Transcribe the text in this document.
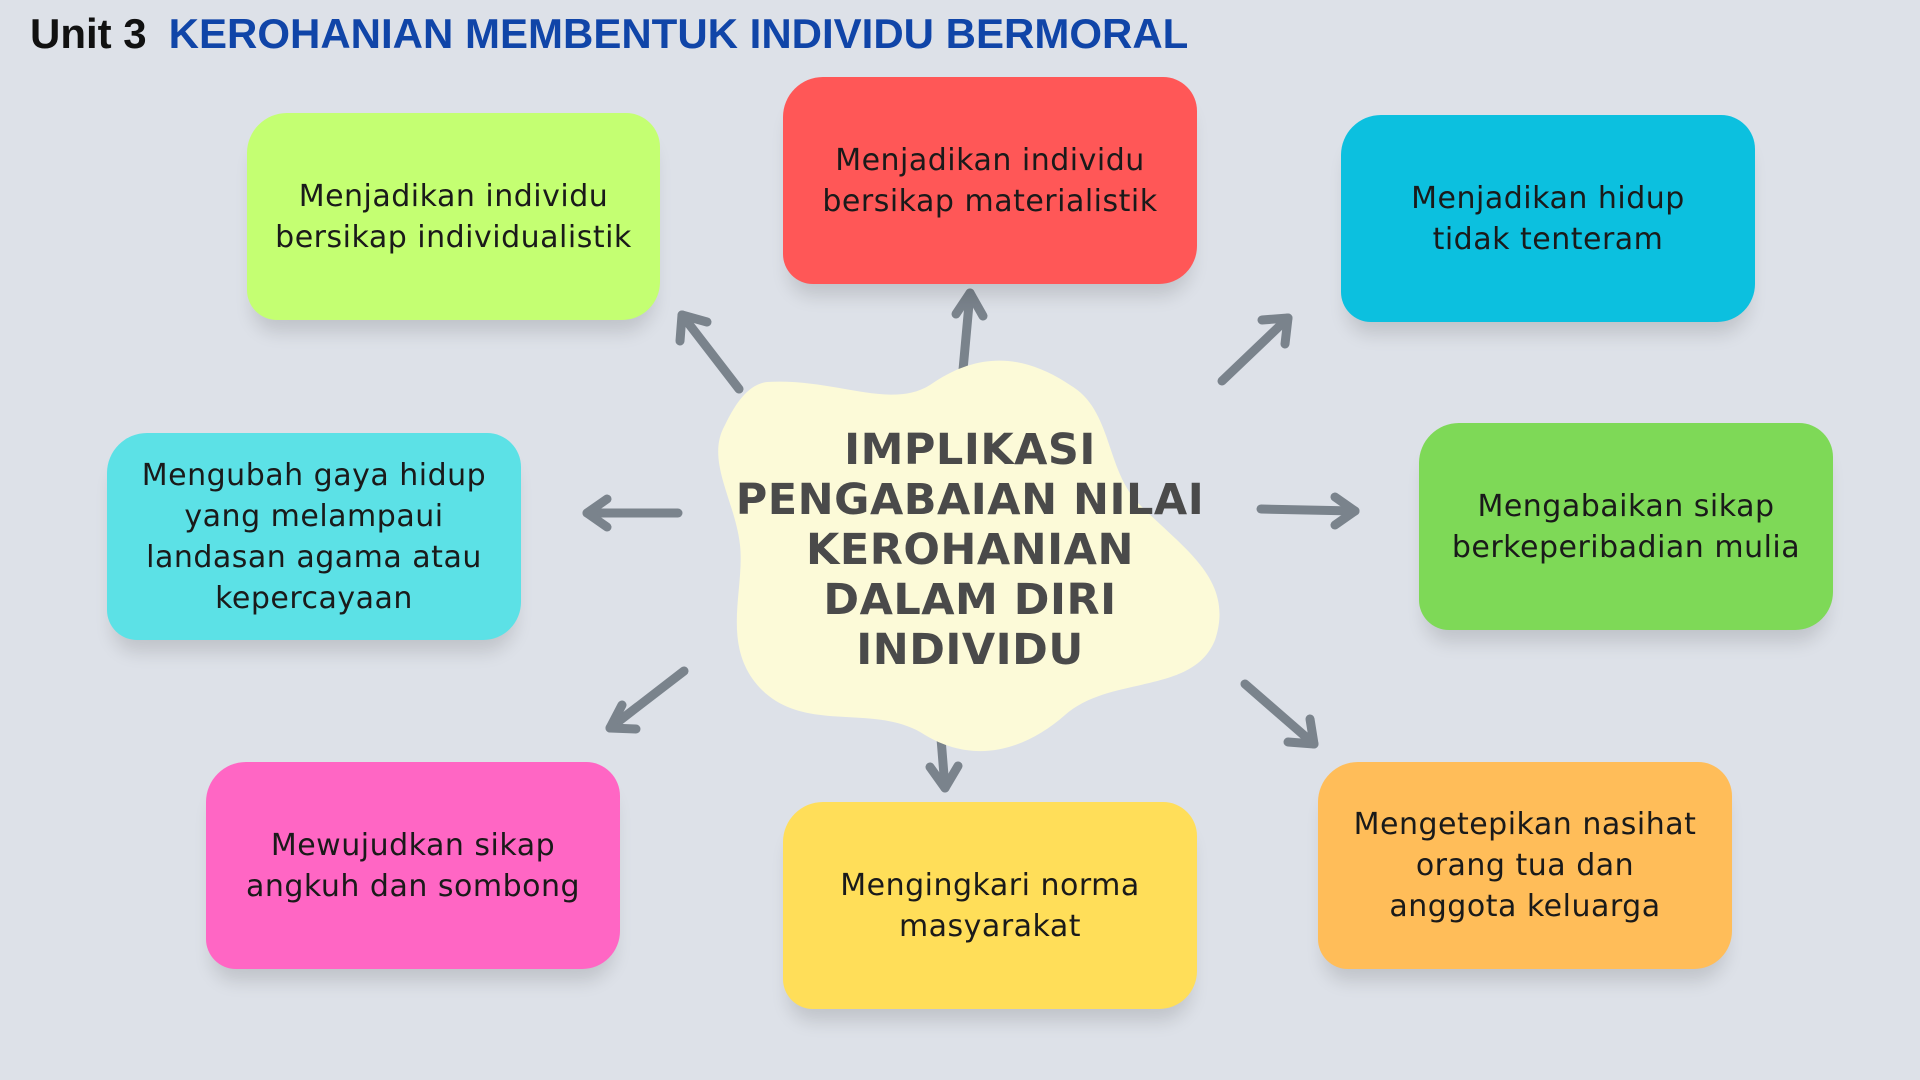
Unit 3 KEROHANIAN MEMBENTUK INDIVIDU BERMORAL
IMPLIKASI
PENGABAIAN NILAI
KEROHANIAN
DALAM DIRI
INDIVIDU
Menjadikan individu
bersikap individualistik
Menjadikan individu
bersikap materialistik	Menjadikan hidup
tidak tenteram
Mengubah gaya hidup
yang melampaui
landasan agama atau
kepercayaan
Mengabaikan sikap
berkeperibadian mulia
Mewujudkan sikap
angkuh dan sombong	Mengingkari norma
masyarakat
Mengetepikan nasihat
orang tua dan
anggota keluarga
